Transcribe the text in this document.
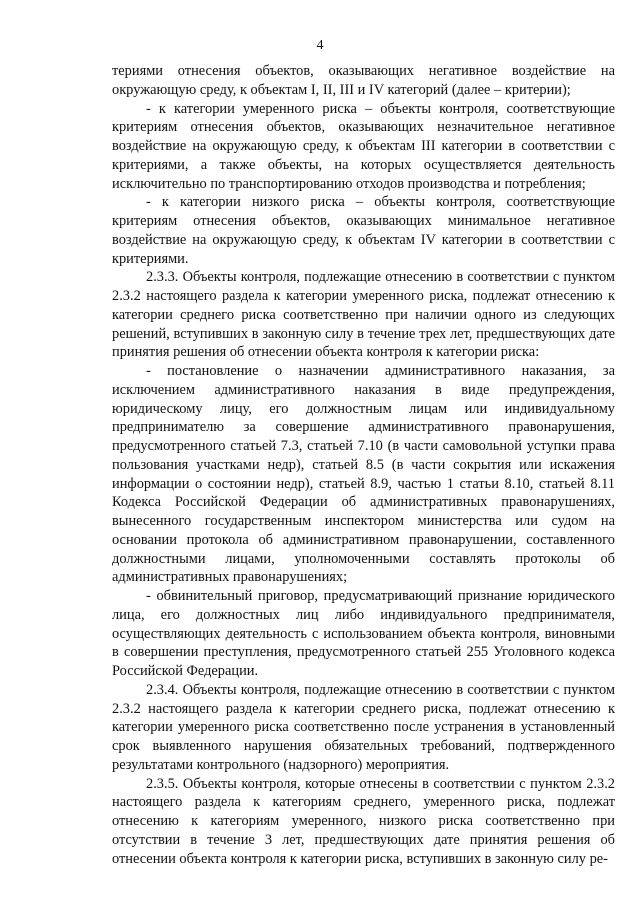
4

териями отнесения объектов, оказывающих негативное воздействие на окружающую среду, к объектам I, II, III и IV категорий (далее – критерии);

- к категории умеренного риска – объекты контроля, соответствующие критериям отнесения объектов, оказывающих незначительное негативное воздействие на окружающую среду, к объектам III категории в соответствии с критериями, а также объекты, на которых осуществляется деятельность исключительно по транспортированию отходов производства и потребления;

- к категории низкого риска – объекты контроля, соответствующие критериям отнесения объектов, оказывающих минимальное негативное воздействие на окружающую среду, к объектам IV категории в соответствии с критериями.

2.3.3. Объекты контроля, подлежащие отнесению в соответствии с пунктом 2.3.2 настоящего раздела к категории умеренного риска, подлежат отнесению к категории среднего риска соответственно при наличии одного из следующих решений, вступивших в законную силу в течение трех лет, предшествующих дате принятия решения об отнесении объекта контроля к категории риска:

- постановление о назначении административного наказания, за исключением административного наказания в виде предупреждения, юридическому лицу, его должностным лицам или индивидуальному предпринимателю за совершение административного правонарушения, предусмотренного статьей 7.3, статьей 7.10 (в части самовольной уступки права пользования участками недр), статьей 8.5 (в части сокрытия или искажения информации о состоянии недр), статьей 8.9, частью 1 статьи 8.10, статьей 8.11 Кодекса Российской Федерации об административных правонарушениях, вынесенного государственным инспектором министерства или судом на основании протокола об административном правонарушении, составленного должностными лицами, уполномоченными составлять протоколы об административных правонарушениях;

- обвинительный приговор, предусматривающий признание юридического лица, его должностных лиц либо индивидуального предпринимателя, осуществляющих деятельность с использованием объекта контроля, виновными в совершении преступления, предусмотренного статьей 255 Уголовного кодекса Российской Федерации.

2.3.4. Объекты контроля, подлежащие отнесению в соответствии с пунктом 2.3.2 настоящего раздела к категории среднего риска, подлежат отнесению к категории умеренного риска соответственно после устранения в установленный срок выявленного нарушения обязательных требований, подтвержденного результатами контрольного (надзорного) мероприятия.

2.3.5. Объекты контроля, которые отнесены в соответствии с пунктом 2.3.2 настоящего раздела к категориям среднего, умеренного риска, подлежат отнесению к категориям умеренного, низкого риска соответственно при отсутствии в течение 3 лет, предшествующих дате принятия решения об отнесении объекта контроля к категории риска, вступивших в законную силу ре-
